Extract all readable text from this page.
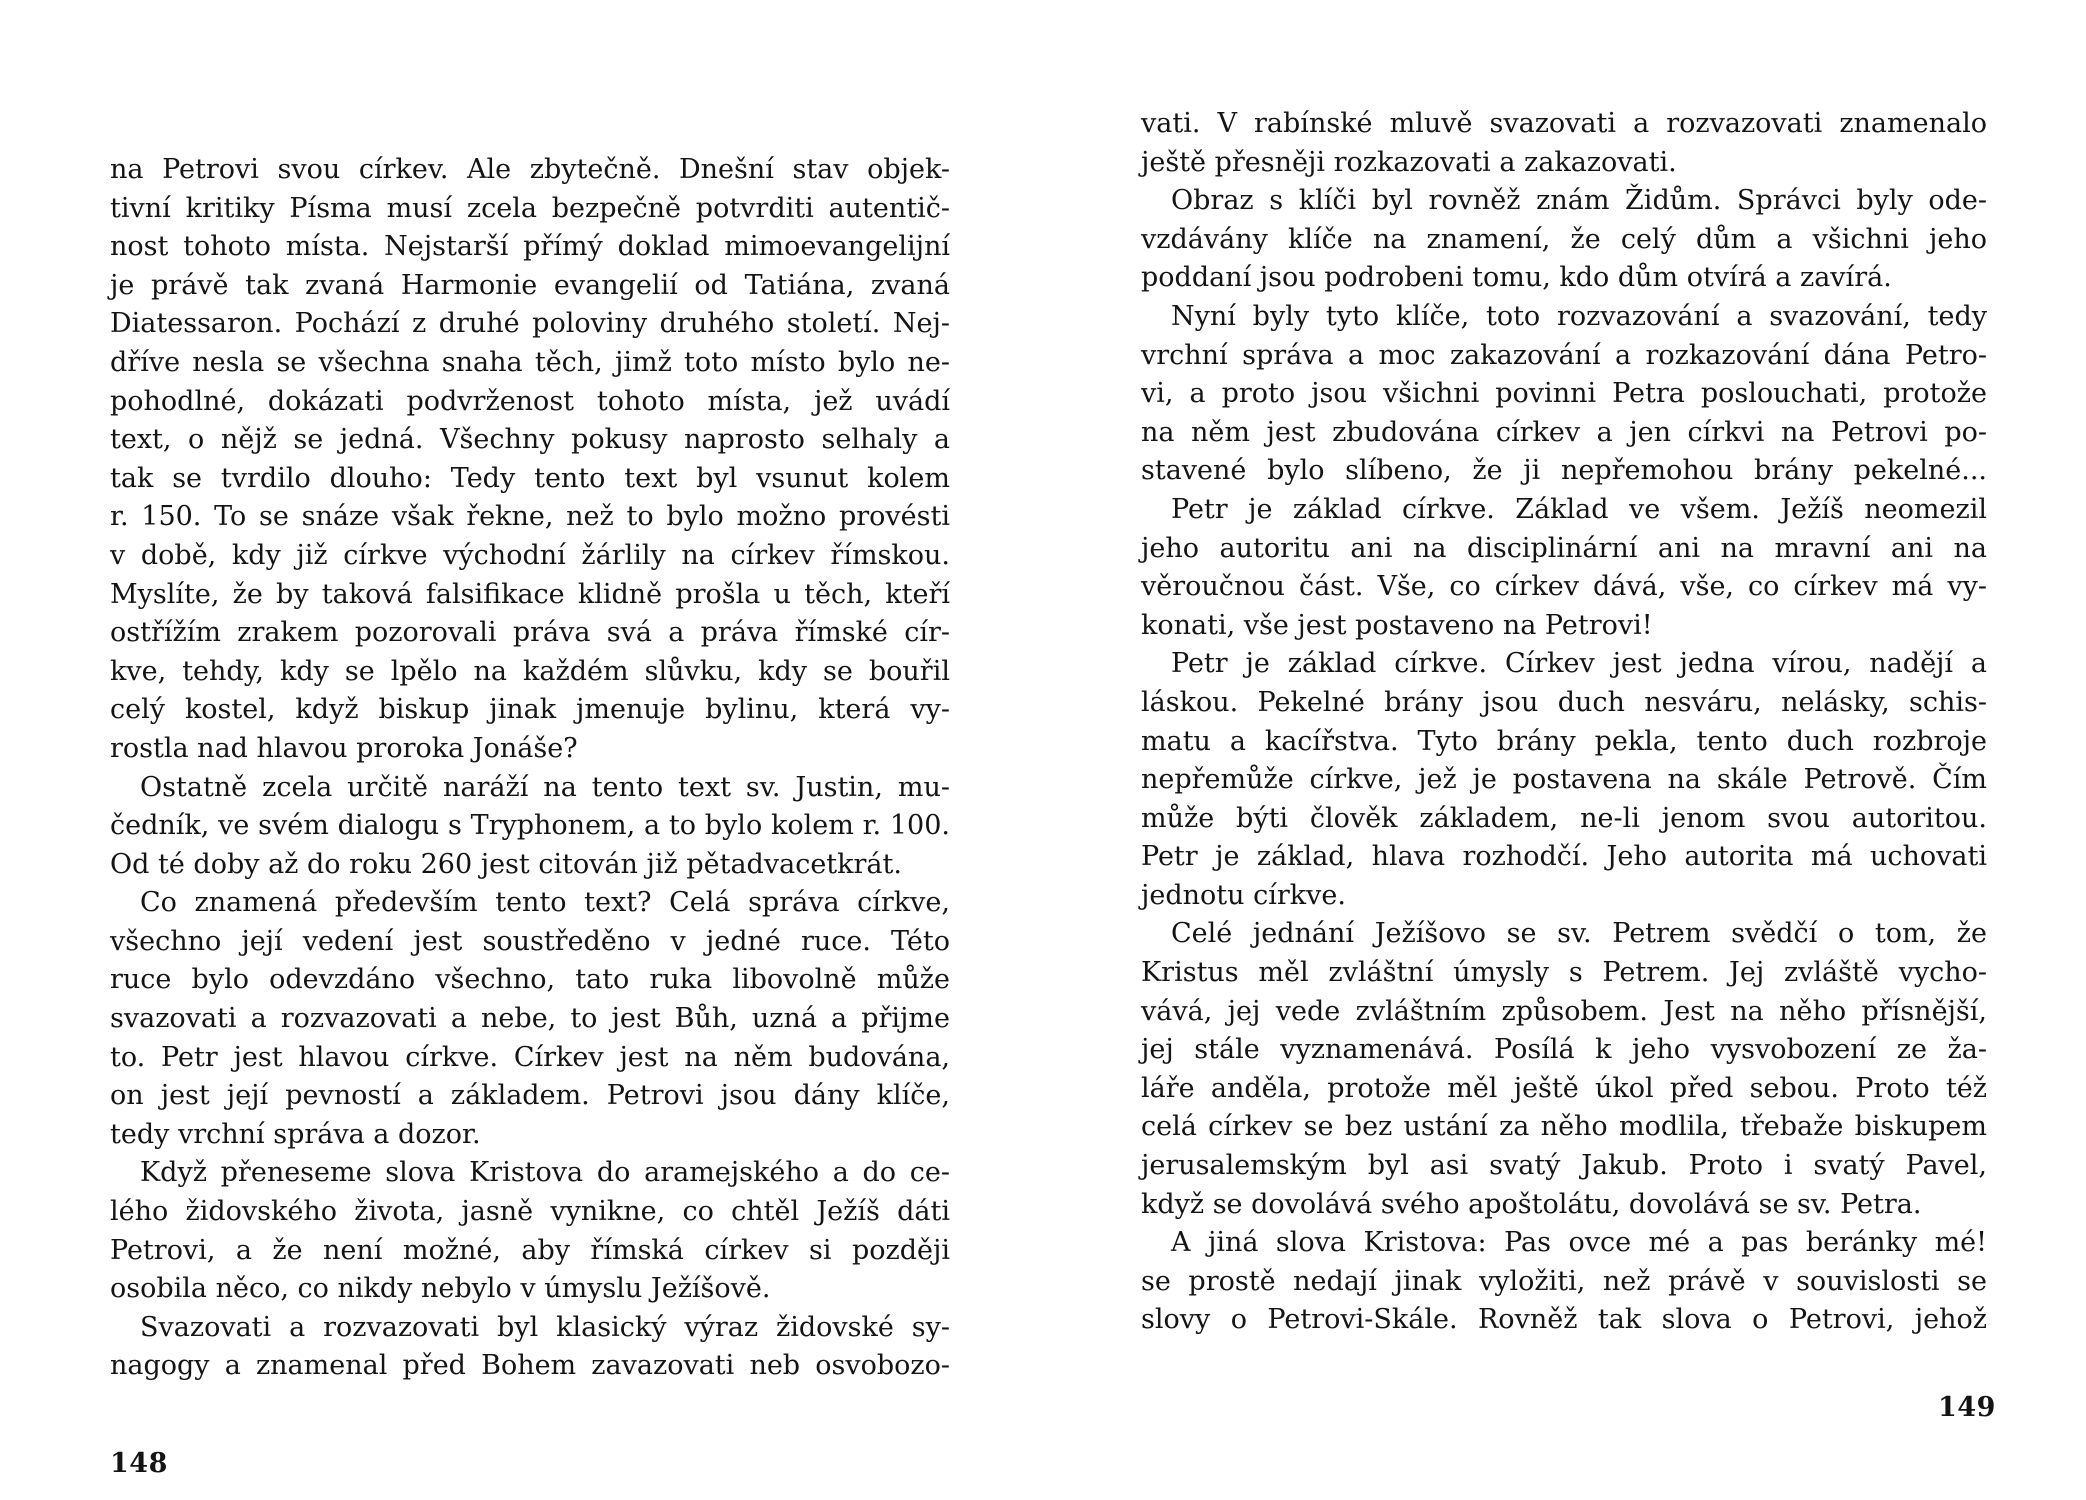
na Petrovi svou církev. Ale zbytečně. Dnešní stav objek-
tivní kritiky Písma musí zcela bezpečně potvrditi autentič-
nost tohoto místa. Nejstarší přímý doklad mimoevangelijní
je právě tak zvaná Harmonie evangelií od Tatiána, zvaná
Diatessaron. Pochází z druhé poloviny druhého století. Nej-
dříve nesla se všechna snaha těch, jimž toto místo bylo ne-
pohodlné, dokázati podvrženost tohoto místa, jež uvádí
text, o nějž se jedná. Všechny pokusy naprosto selhaly a
tak se tvrdilo dlouho: Tedy tento text byl vsunut kolem
r. 150. To se snáze však řekne, než to bylo možno provésti
v době, kdy již církve východní žárlily na církev římskou.
Myslíte, že by taková falsifikace klidně prošla u těch, kteří
ostřížím zrakem pozorovali práva svá a práva římské cír-
kve, tehdy, kdy se lpělo na každém slůvku, kdy se bouřil
celý kostel, když biskup jinak jmenuje bylinu, která vy-
rostla nad hlavou proroka Jonáše?
Ostatně zcela určitě naráží na tento text sv. Justin, mu-
čedník, ve svém dialogu s Tryphonem, a to bylo kolem r. 100.
Od té doby až do roku 260 jest citován již pětadvacetkrát.
Co znamená především tento text? Celá správa církve,
všechno její vedení jest soustředěno v jedné ruce. Této
ruce bylo odevzdáno všechno, tato ruka libovolně může
svazovati a rozvazovati a nebe, to jest Bůh, uzná a přijme
to. Petr jest hlavou církve. Církev jest na něm budována,
on jest její pevností a základem. Petrovi jsou dány klíče,
tedy vrchní správa a dozor.
Když přeneseme slova Kristova do aramejského a do ce-
lého židovského života, jasně vynikne, co chtěl Ježíš dáti
Petrovi, a že není možné, aby římská církev si později
osobila něco, co nikdy nebylo v úmyslu Ježíšově.
Svazovati a rozvazovati byl klasický výraz židovské sy-
nagogy a znamenal před Bohem zavazovati neb osvobozo-
148
vati. V rabínské mluvě svazovati a rozvazovati znamenalo
ještě přesněji rozkazovati a zakazovati.
Obraz s klíči byl rovněž znám Židům. Správci byly ode-
vzdávány klíče na znamení, že celý dům a všichni jeho
poddaní jsou podrobeni tomu, kdo dům otvírá a zavírá.
Nyní byly tyto klíče, toto rozvazování a svazování, tedy
vrchní správa a moc zakazování a rozkazování dána Petro-
vi, a proto jsou všichni povinni Petra poslouchati, protože
na něm jest zbudována církev a jen církvi na Petrovi po-
stavené bylo slíbeno, že ji nepřemohou brány pekelné...
Petr je základ církve. Základ ve všem. Ježíš neomezil
jeho autoritu ani na disciplinární ani na mravní ani na
věroučnou část. Vše, co církev dává, vše, co církev má vy-
konati, vše jest postaveno na Petrovi!
Petr je základ církve. Církev jest jedna vírou, nadějí a
láskou. Pekelné brány jsou duch nesváru, nelásky, schis-
matu a kacířstva. Tyto brány pekla, tento duch rozbroje
nepřemůže církve, jež je postavena na skále Petrově. Čím
může býti člověk základem, ne-li jenom svou autoritou.
Petr je základ, hlava rozhodčí. Jeho autorita má uchovati
jednotu církve.
Celé jednání Ježíšovo se sv. Petrem svědčí o tom, že
Kristus měl zvláštní úmysly s Petrem. Jej zvláště vycho-
vává, jej vede zvláštním způsobem. Jest na něho přísnější,
jej stále vyznamenává. Posílá k jeho vysvobození ze ža-
láře anděla, protože měl ještě úkol před sebou. Proto též
celá církev se bez ustání za něho modlila, třebaže biskupem
jerusalemským byl asi svatý Jakub. Proto i svatý Pavel,
když se dovolává svého apoštolátu, dovolává se sv. Petra.
A jiná slova Kristova: Pas ovce mé a pas beránky mé!
se prostě nedají jinak vyložiti, než právě v souvislosti se
slovy o Petrovi-Skále. Rovněž tak slova o Petrovi, jehož
149
